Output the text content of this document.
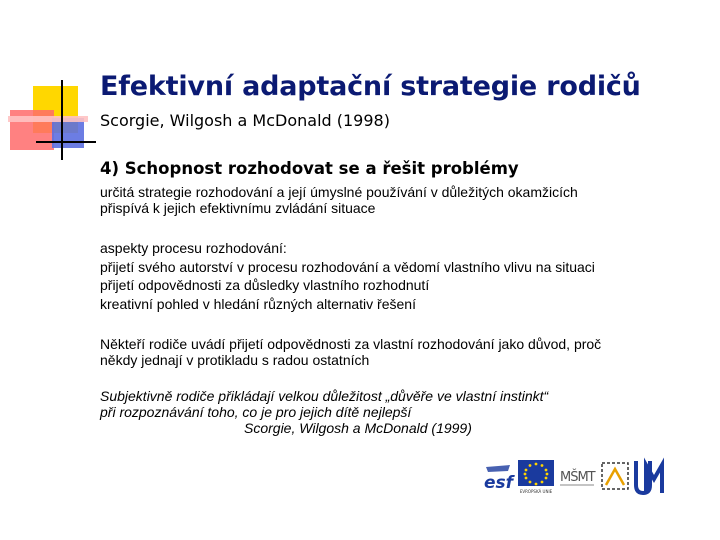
Efektivní adaptační strategie rodičů
Scorgie, Wilgosh a McDonald (1998)
4) Schopnost rozhodovat se a řešit problémy
určitá strategie rozhodování a její úmyslné používání v důležitých okamžicích
přispívá k jejich efektivnímu zvládání situace
aspekty procesu rozhodování:
přijetí svého autorství v procesu rozhodování a vědomí vlastního vlivu na situaci
přijetí odpovědnosti za důsledky vlastního rozhodnutí
kreativní pohled v hledání různých alternativ řešení
Někteří rodiče uvádí přijetí odpovědnosti za vlastní rozhodování jako důvod, proč
někdy jednají v protikladu s radou ostatních
Subjektivně rodiče přikládají velkou důležitost „důvěře ve vlastní instinkt“
při rozpoznávání toho, co je pro jejich dítě nejlepší
Scorgie, Wilgosh a McDonald (1999)
esf	EVROPSKÁ UNIE
MŠMT
